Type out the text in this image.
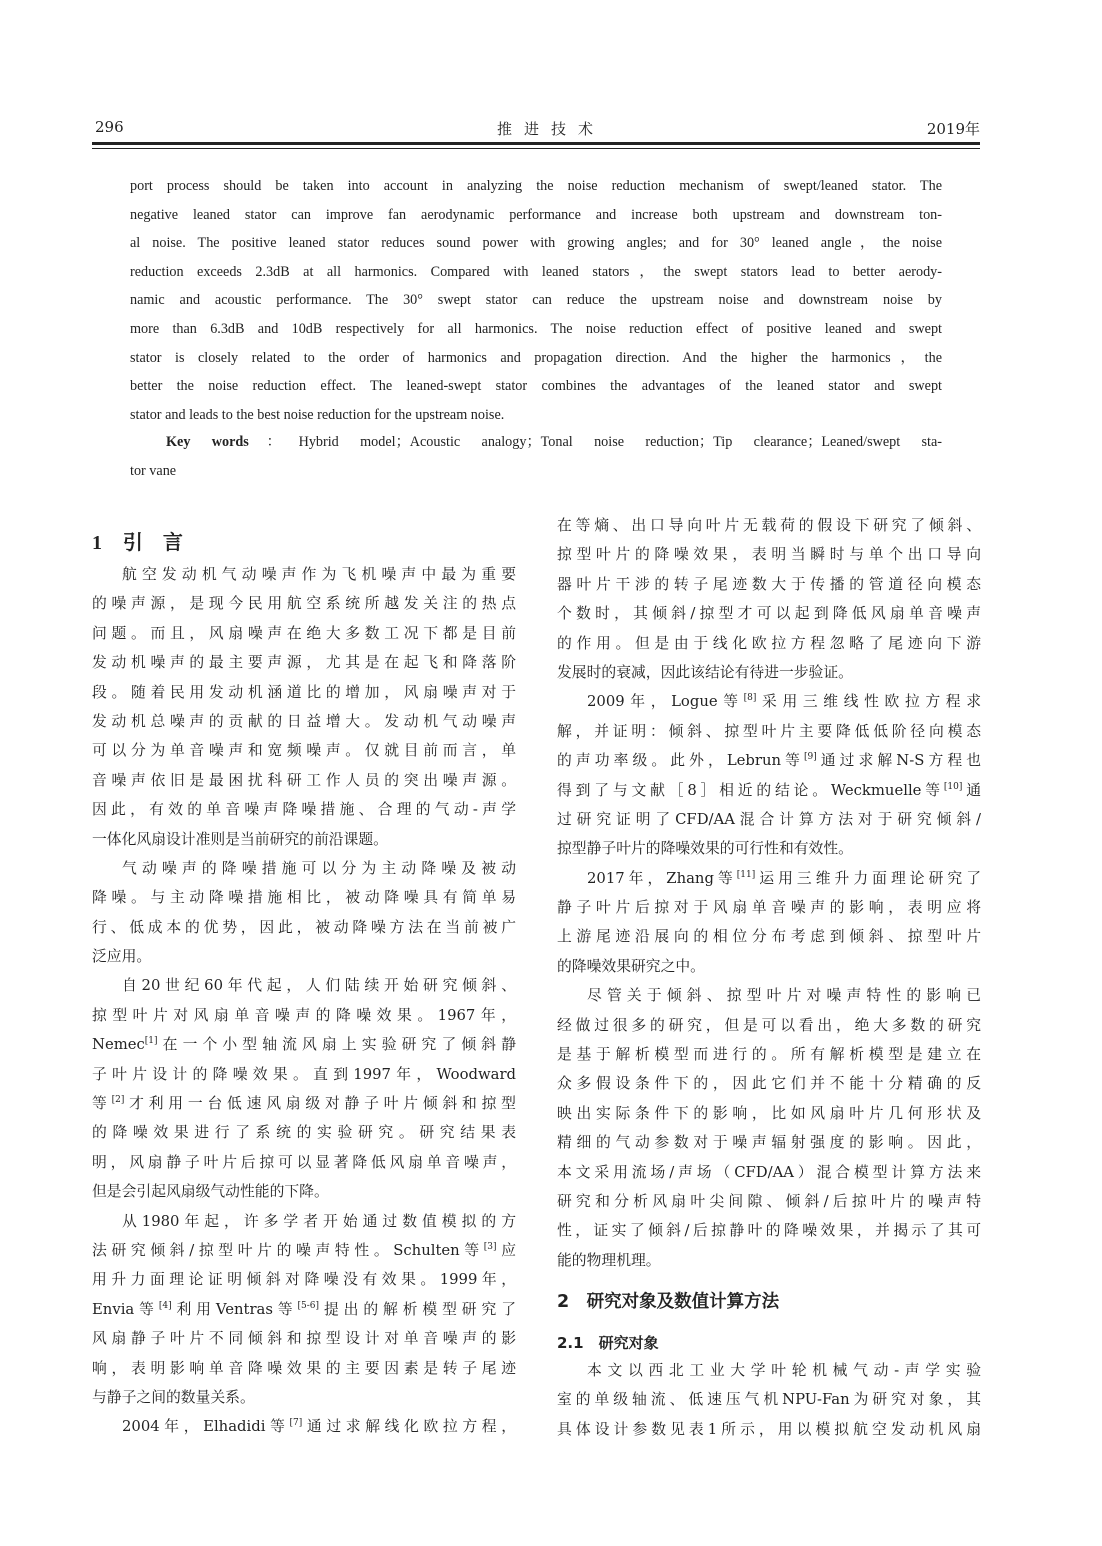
296	推进技术	2019年
port process should be taken into account in analyzing the noise reduction mechanism of swept/leaned stator. The
negative leaned stator can improve fan aerodynamic performance and increase both upstream and downstream ton-
al noise. The positive leaned stator reduces sound power with growing angles; and for 30° leaned angle，the noise
reduction exceeds 2.3dB at all harmonics. Compared with leaned stators，the swept stators lead to better aerody-
namic and acoustic performance. The 30° swept stator can reduce the upstream noise and downstream noise by
more than 6.3dB and 10dB respectively for all harmonics. The noise reduction effect of positive leaned and swept
stator is closely related to the order of harmonics and propagation direction. And the higher the harmonics，the
better the noise reduction effect. The leaned-swept stator combines the advantages of the leaned stator and swept
stator and leads to the best noise reduction for the upstream noise.
Key words：Hybrid model；Acoustic analogy；Tonal noise reduction；Tip clearance；Leaned/swept sta-
tor vane
1 引　言
航空发动机气动噪声作为飞机噪声中最为重要
的噪声源，是现今民用航空系统所越发关注的热点
问题。而且，风扇噪声在绝大多数工况下都是目前
发动机噪声的最主要声源，尤其是在起飞和降落阶
段。随着民用发动机涵道比的增加，风扇噪声对于
发动机总噪声的贡献的日益增大。发动机气动噪声
可以分为单音噪声和宽频噪声。仅就目前而言，单
音噪声依旧是最困扰科研工作人员的突出噪声源。
因此，有效的单音噪声降噪措施、合理的气动-声学
一体化风扇设计准则是当前研究的前沿课题。
气动噪声的降噪措施可以分为主动降噪及被动
降噪。与主动降噪措施相比，被动降噪具有简单易
行、低成本的优势，因此，被动降噪方法在当前被广
泛应用。
自20世纪60年代起，人们陆续开始研究倾斜、
掠型叶片对风扇单音噪声的降噪效果。1967年，
Nemec[1]在一个小型轴流风扇上实验研究了倾斜静
子叶片设计的降噪效果。直到1997年，Woodward
等[2]才利用一台低速风扇级对静子叶片倾斜和掠型
的降噪效果进行了系统的实验研究。研究结果表
明，风扇静子叶片后掠可以显著降低风扇单音噪声，
但是会引起风扇级气动性能的下降。
从1980年起，许多学者开始通过数值模拟的方
法研究倾斜/掠型叶片的噪声特性。Schulten等[3]应
用升力面理论证明倾斜对降噪没有效果。1999年，
Envia等[4]利用Ventras等[5-6]提出的解析模型研究了
风扇静子叶片不同倾斜和掠型设计对单音噪声的影
响，表明影响单音降噪效果的主要因素是转子尾迹
与静子之间的数量关系。
2004年，Elhadidi等[7]通过求解线化欧拉方程，
在等熵、出口导向叶片无载荷的假设下研究了倾斜、
掠型叶片的降噪效果，表明当瞬时与单个出口导向
器叶片干涉的转子尾迹数大于传播的管道径向模态
个数时，其倾斜/掠型才可以起到降低风扇单音噪声
的作用。但是由于线化欧拉方程忽略了尾迹向下游
发展时的衰减，因此该结论有待进一步验证。
2009年，Logue等[8]采用三维线性欧拉方程求
解，并证明：倾斜、掠型叶片主要降低低阶径向模态
的声功率级。此外，Lebrun等[9]通过求解N-S方程也
得到了与文献［8］相近的结论。Weckmuelle等[10]通
过研究证明了CFD/AA混合计算方法对于研究倾斜/
掠型静子叶片的降噪效果的可行性和有效性。
2017年，Zhang等[11]运用三维升力面理论研究了
静子叶片后掠对于风扇单音噪声的影响，表明应将
上游尾迹沿展向的相位分布考虑到倾斜、掠型叶片
的降噪效果研究之中。
尽管关于倾斜、掠型叶片对噪声特性的影响已
经做过很多的研究，但是可以看出，绝大多数的研究
是基于解析模型而进行的。所有解析模型是建立在
众多假设条件下的，因此它们并不能十分精确的反
映出实际条件下的影响，比如风扇叶片几何形状及
精细的气动参数对于噪声辐射强度的影响。因此，
本文采用流场/声场（CFD/AA）混合模型计算方法来
研究和分析风扇叶尖间隙、倾斜/后掠叶片的噪声特
性，证实了倾斜/后掠静叶的降噪效果，并揭示了其可
能的物理机理。
2　研究对象及数值计算方法
2.1　研究对象
本文以西北工业大学叶轮机械气动-声学实验
室的单级轴流、低速压气机NPU-Fan为研究对象，其
具体设计参数见表1所示，用以模拟航空发动机风扇
